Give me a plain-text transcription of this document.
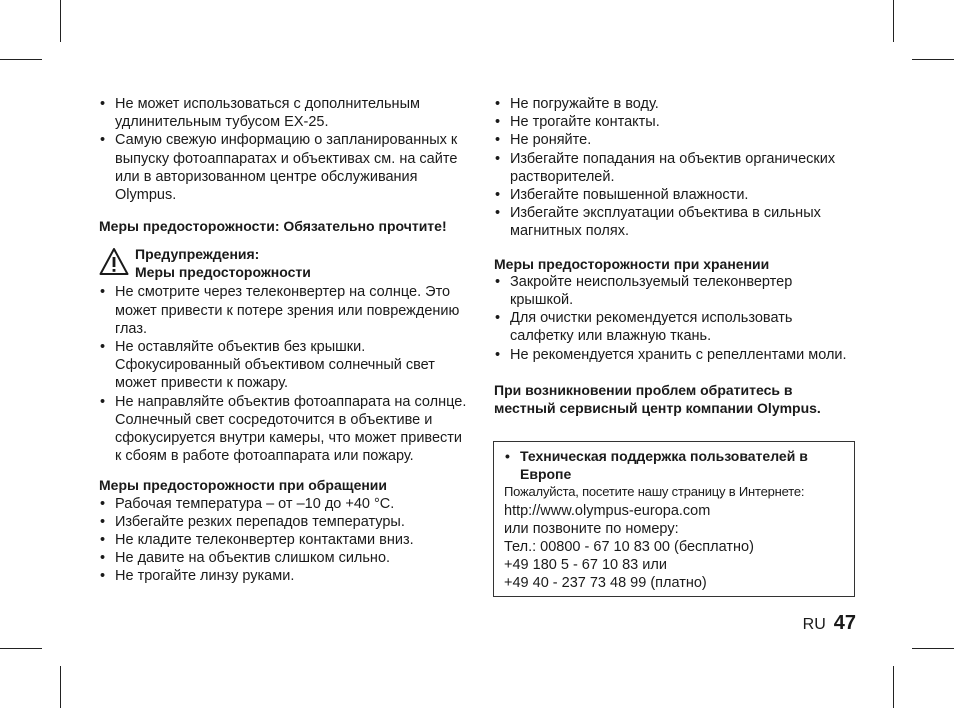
• Не может использоваться с дополнительным удлинительным тубусом EX-25.
• Самую свежую информацию о запланированных к выпуску фотоаппаратах и объективах см. на сайте или в авторизованном центре обслуживания Olympus.
Меры предосторожности: Обязательно прочтите!
Предупреждения:
Меры предосторожности
• Не смотрите через телеконвертер на солнце. Это может привести к потере зрения или повреждению глаз.
• Не оставляйте объектив без крышки. Сфокусированный объективом солнечный свет может привести к пожару.
• Не направляйте объектив фотоаппарата на солнце. Солнечный свет сосредоточится в объективе и сфокусируется внутри камеры, что может привести к сбоям в работе фотоаппарата или пожару.
Меры предосторожности при обращении
• Рабочая температура – от –10 до +40 °C.
• Избегайте резких перепадов температуры.
• Не кладите телеконвертер контактами вниз.
• Не давите на объектив слишком сильно.
• Не трогайте линзу руками.
• Не погружайте в воду.
• Не трогайте контакты.
• Не роняйте.
• Избегайте попадания на объектив органических растворителей.
• Избегайте повышенной влажности.
• Избегайте эксплуатации объектива в сильных магнитных полях.
Меры предосторожности при хранении
• Закройте неиспользуемый телеконвертер крышкой.
• Для очистки рекомендуется использовать салфетку или влажную ткань.
• Не рекомендуется хранить с репеллентами моли.
При возникновении проблем обратитесь в местный сервисный центр компании Olympus.
• Техническая поддержка пользователей в Европе
Пожалуйста, посетите нашу страницу в Интернете:
http://www.olympus-europa.com
или позвоните по номеру:
Тел.: 00800 - 67 10 83 00 (бесплатно)
+49 180 5 - 67 10 83 или
+49 40 - 237 73 48 99 (платно)
RU 47
